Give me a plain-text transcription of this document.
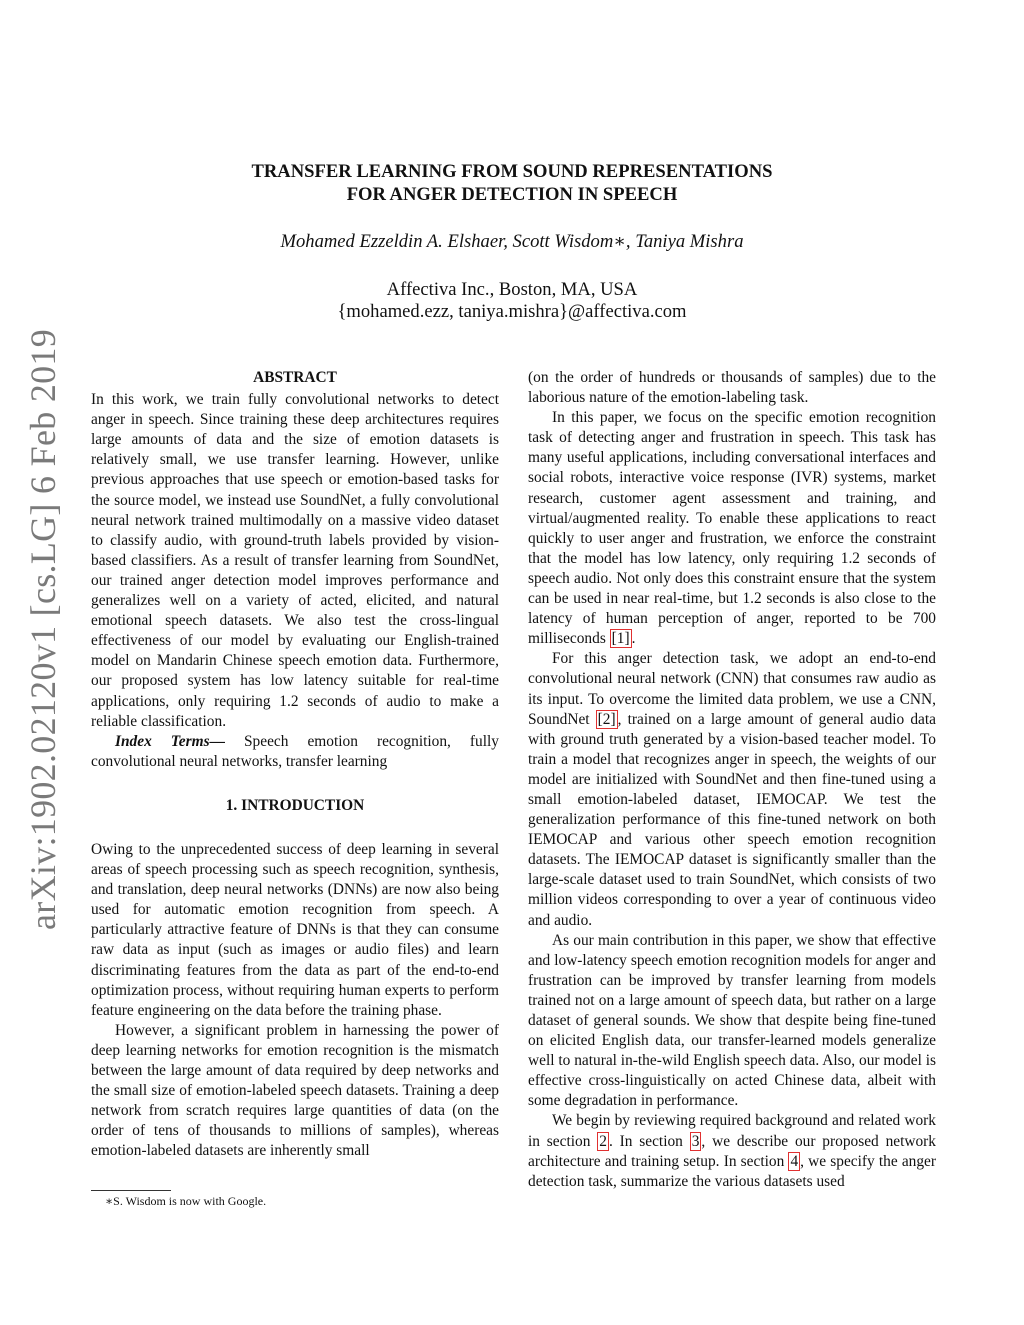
arXiv:1902.02120v1 [cs.LG] 6 Feb 2019
TRANSFER LEARNING FROM SOUND REPRESENTATIONS
FOR ANGER DETECTION IN SPEECH
Mohamed Ezzeldin A. Elshaer, Scott Wisdom∗, Taniya Mishra
Affectiva Inc., Boston, MA, USA
{mohamed.ezz, taniya.mishra}@affectiva.com
ABSTRACT

In this work, we train fully convolutional networks to detect anger in speech. Since training these deep architectures requires large amounts of data and the size of emotion datasets is relatively small, we use transfer learning. However, unlike previous approaches that use speech or emotion-based tasks for the source model, we instead use SoundNet, a fully convolutional neural network trained multimodally on a massive video dataset to classify audio, with ground-truth labels provided by vision-based classifiers. As a result of transfer learning from SoundNet, our trained anger detection model improves performance and generalizes well on a variety of acted, elicited, and natural emotional speech datasets. We also test the cross-lingual effectiveness of our model by evaluating our English-trained model on Mandarin Chinese speech emotion data. Furthermore, our proposed system has low latency suitable for real-time applications, only requiring 1.2 seconds of audio to make a reliable classification.

Index Terms— Speech emotion recognition, fully convolutional neural networks, transfer learning

1. INTRODUCTION

Owing to the unprecedented success of deep learning in several areas of speech processing such as speech recognition, synthesis, and translation, deep neural networks (DNNs) are now also being used for automatic emotion recognition from speech. A particularly attractive feature of DNNs is that they can consume raw data as input (such as images or audio files) and learn discriminating features from the data as part of the end-to-end optimization process, without requiring human experts to perform feature engineering on the data before the training phase.

However, a significant problem in harnessing the power of deep learning networks for emotion recognition is the mismatch between the large amount of data required by deep networks and the small size of emotion-labeled speech datasets. Training a deep network from scratch requires large quantities of data (on the order of tens of thousands to millions of samples), whereas emotion-labeled datasets are inherently small

∗S. Wisdom is now with Google.

(on the order of hundreds or thousands of samples) due to the laborious nature of the emotion-labeling task.

In this paper, we focus on the specific emotion recognition task of detecting anger and frustration in speech. This task has many useful applications, including conversational interfaces and social robots, interactive voice response (IVR) systems, market research, customer agent assessment and training, and virtual/augmented reality. To enable these applications to react quickly to user anger and frustration, we enforce the constraint that the model has low latency, only requiring 1.2 seconds of speech audio. Not only does this constraint ensure that the system can be used in near real-time, but 1.2 seconds is also close to the latency of human perception of anger, reported to be 700 milliseconds [1] .

For this anger detection task, we adopt an end-to-end convolutional neural network (CNN) that consumes raw audio as its input. To overcome the limited data problem, we use a CNN, SoundNet [2] , trained on a large amount of general audio data with ground truth generated by a vision-based teacher model. To train a model that recognizes anger in speech, the weights of our model are initialized with SoundNet and then fine-tuned using a small emotion-labeled dataset, IEMOCAP. We test the generalization performance of this fine-tuned network on both IEMOCAP and various other speech emotion recognition datasets. The IEMOCAP dataset is significantly smaller than the large-scale dataset used to train SoundNet, which consists of two million videos corresponding to over a year of continuous video and audio.

As our main contribution in this paper, we show that effective and low-latency speech emotion recognition models for anger and frustration can be improved by transfer learning from models trained not on a large amount of speech data, but rather on a large dataset of general sounds. We show that despite being fine-tuned on elicited English data, our transfer-learned models generalize well to natural in-the-wild English speech data. Also, our model is effective cross-linguistically on acted Chinese data, albeit with some degradation in performance.

We begin by reviewing required background and related work in section 2 . In section 3 , we describe our proposed network architecture and training setup. In section 4 , we specify the anger detection task, summarize the various datasets used
